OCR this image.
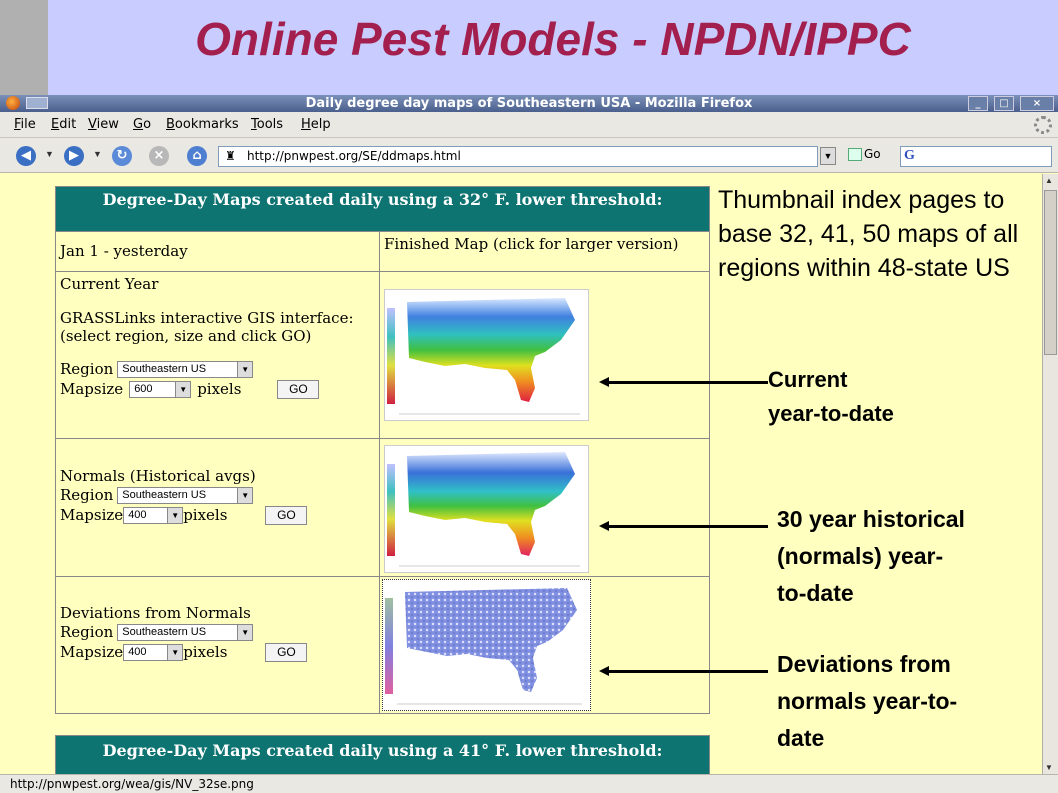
Online Pest Models - NPDN/IPPC
Daily degree day maps of Southeastern USA - Mozilla Firefox	_	□	×
File Edit View Go Bookmarks Tools Help
◀	▼	▶	▼	↻	×	⌂	♜ http://pnwpest.org/SE/ddmaps.html	▼	Go G
Degree-Day Maps created daily using a 32° F. lower threshold:
Jan 1 - yesterday	Finished Map (click for larger version)
Current Year
GRASSLinks interactive GIS interface:
(select region, size and click GO)
Region Southeastern US	▼
Mapsize	600	▼ pixels	GO
Normals (Historical avgs)
Region Southeastern US	▼
Mapsize 400	▼ pixels	GO
Deviations from Normals
Region Southeastern US	▼
Mapsize 400	▼ pixels	GO
Degree-Day Maps created daily using a 41° F. lower threshold:
Thumbnail index pages to base 32, 41, 50 maps of all regions within 48-state US
Current
year-to-date
30 year historical
(normals) year-
to-date
Deviations from
normals year-to-
date
▲
▼
http://pnwpest.org/wea/gis/NV_32se.png
